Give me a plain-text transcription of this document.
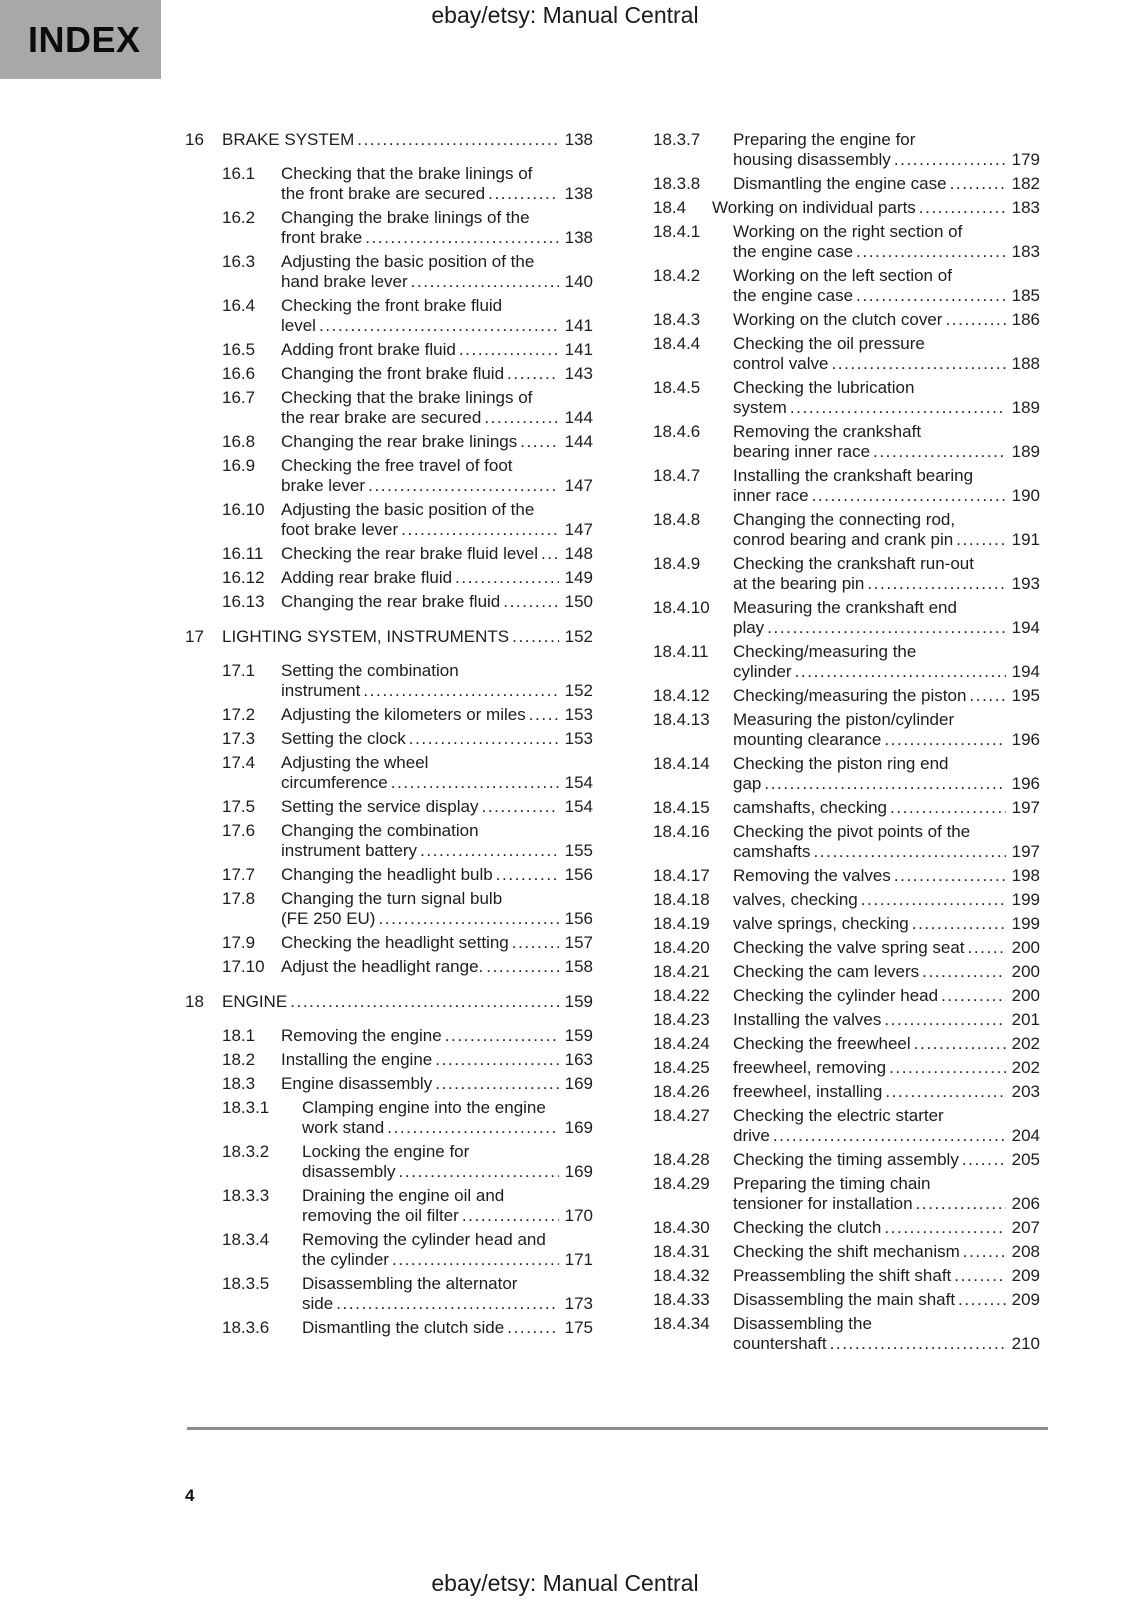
INDEX
ebay/etsy: Manual Central
16	BRAKE SYSTEM .....	138
16.1	Checking that the brake linings of
the front brake are secured .....	138
16.2	Changing the brake linings of the
front brake .....	138
16.3	Adjusting the basic position of the
hand brake lever .....	140
16.4	Checking the front brake fluid
level .....	141
16.5	Adding front brake fluid .....	141
16.6	Changing the front brake fluid .....	143
16.7	Checking that the brake linings of
the rear brake are secured .....	144
16.8	Changing the rear brake linings .....	144
16.9	Checking the free travel of foot
brake lever .....	147
16.10 Adjusting the basic position of the
foot brake lever .....	147
16.11	Checking the rear brake fluid level ..... 148
16.12 Adding rear brake fluid .....	149
16.13 Changing the rear brake fluid .....	150
17	LIGHTING SYSTEM, INSTRUMENTS .....	152
17.1	Setting the combination
instrument .....	152
17.2	Adjusting the kilometers or miles ..... 153
17.3	Setting the clock .....	153
17.4	Adjusting the wheel
circumference .....	154
17.5	Setting the service display .....	154
17.6	Changing the combination
instrument battery .....	155
17.7	Changing the headlight bulb .....	156
17.8	Changing the turn signal bulb
(FE 250 EU) .....	156
17.9	Checking the headlight setting .....	157
17.10 Adjust the headlight range. .....	158
18	ENGINE .....	159
18.1	Removing the engine .....	159
18.2	Installing the engine .....	163
18.3	Engine disassembly .....	169
18.3.1	Clamping engine into the engine
work stand .....	169
18.3.2	Locking the engine for
disassembly .....	169
18.3.3	Draining the engine oil and
removing the oil filter .....	170
18.3.4	Removing the cylinder head and
the cylinder .....	171
18.3.5	Disassembling the alternator
side .....	173
18.3.6	Dismantling the clutch side .....	175
18.3.7	Preparing the engine for
housing disassembly .....	179
18.3.8	Dismantling the engine case .....	182
18.4	Working on individual parts .....	183
18.4.1	Working on the right section of
the engine case .....	183
18.4.2	Working on the left section of
the engine case .....	185
18.4.3	Working on the clutch cover .....	186
18.4.4	Checking the oil pressure
control valve .....	188
18.4.5	Checking the lubrication
system .....	189
18.4.6	Removing the crankshaft
bearing inner race .....	189
18.4.7	Installing the crankshaft bearing
inner race .....	190
18.4.8	Changing the connecting rod,
conrod bearing and crank pin .....	191
18.4.9	Checking the crankshaft run-out
at the bearing pin .....	193
18.4.10	Measuring the crankshaft end
play .....	194
18.4.11	Checking/measuring the
cylinder .....	194
18.4.12	Checking/measuring the piston .....	195
18.4.13	Measuring the piston/cylinder
mounting clearance .....	196
18.4.14	Checking the piston ring end
gap .....	196
18.4.15	camshafts, checking .....	197
18.4.16	Checking the pivot points of the
camshafts .....	197
18.4.17	Removing the valves .....	198
18.4.18	valves, checking .....	199
18.4.19	valve springs, checking .....	199
18.4.20	Checking the valve spring seat .....	200
18.4.21	Checking the cam levers .....	200
18.4.22	Checking the cylinder head .....	200
18.4.23	Installing the valves .....	201
18.4.24	Checking the freewheel .....	202
18.4.25	freewheel, removing .....	202
18.4.26	freewheel, installing .....	203
18.4.27	Checking the electric starter
drive .....	204
18.4.28	Checking the timing assembly .....	205
18.4.29	Preparing the timing chain
tensioner for installation .....	206
18.4.30	Checking the clutch .....	207
18.4.31	Checking the shift mechanism .....	208
18.4.32	Preassembling the shift shaft .....	209
18.4.33	Disassembling the main shaft .....	209
18.4.34	Disassembling the
countershaft .....	210
4
ebay/etsy: Manual Central
